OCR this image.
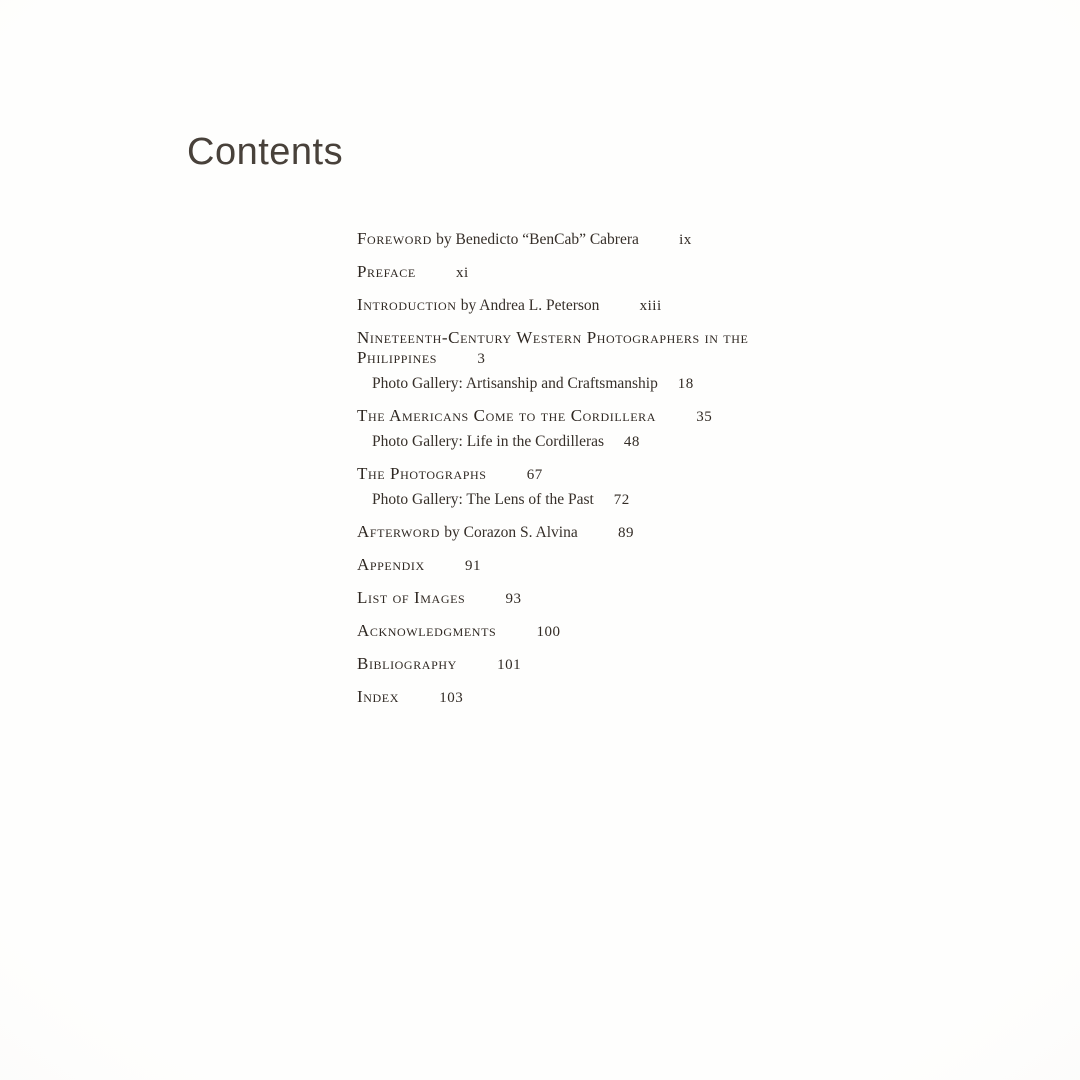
Contents
Foreword by Benedicto “BenCab” Cabrera	ix
Preface	xi
Introduction by Andrea L. Peterson	xiii
Nineteenth-Century Western Photographers in the Philippines	3
Photo Gallery: Artisanship and Craftsmanship 18
The Americans Come to the Cordillera	35
Photo Gallery: Life in the Cordilleras 48
The Photographs	67
Photo Gallery: The Lens of the Past 72
Afterword by Corazon S. Alvina	89
Appendix	91
List of Images	93
Acknowledgments	100
Bibliography	101
Index	103
